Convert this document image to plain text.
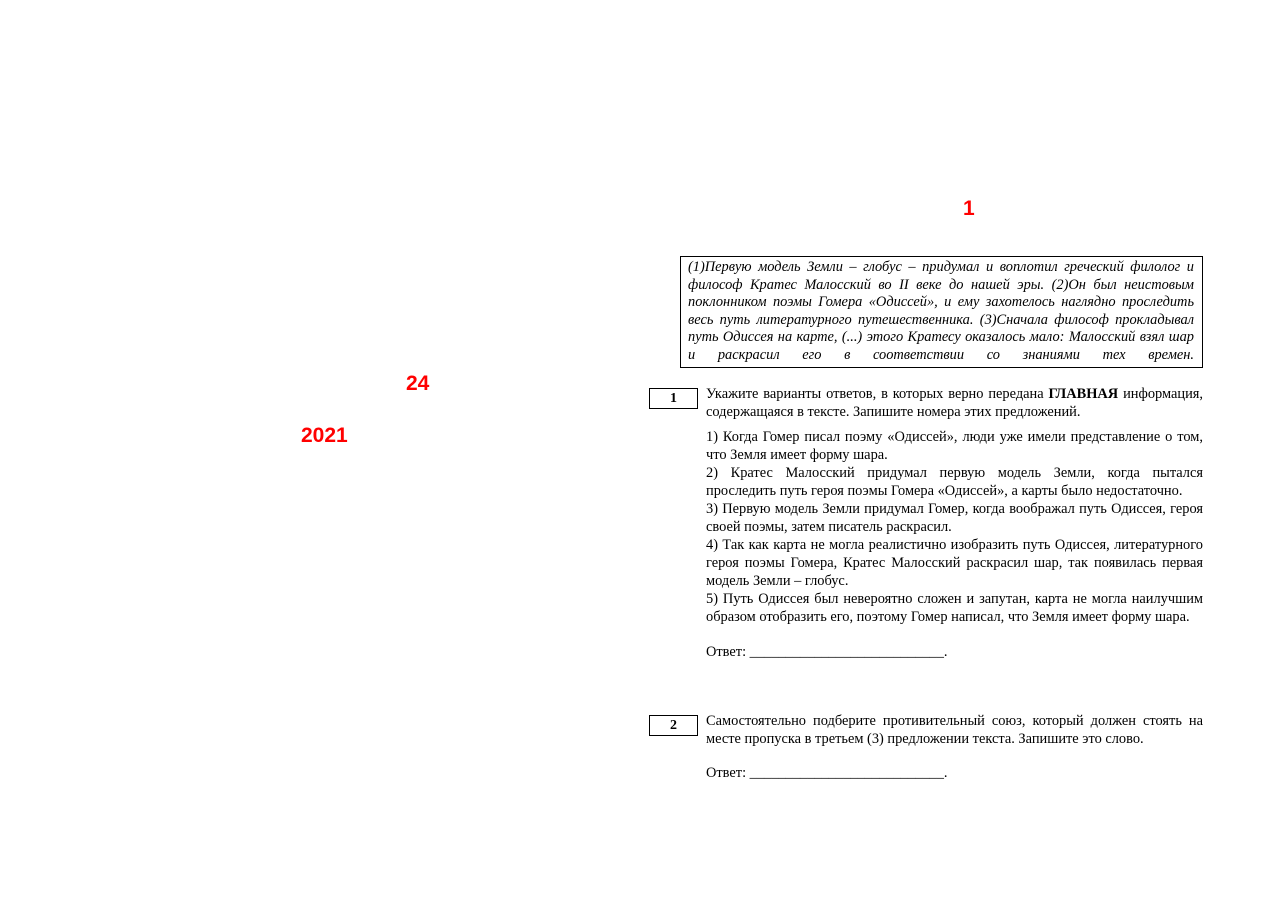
24
2021
1

(1)Первую модель Земли – глобус – придумал и воплотил греческий филолог и философ Кратес Малосский во II веке до нашей эры. (2)Он был неистовым поклонником поэмы Гомера «Одиссей», и ему захотелось наглядно проследить весь путь литературного путешественника. (3)Сначала философ прокладывал путь Одиссея на карте, (...) этого Кратесу оказалось мало: Малосский взял шар и раскрасил его в соответствии со знаниями тех времен.

1	Укажите варианты ответов, в которых верно передана ГЛАВНАЯ информация, содержащаяся в тексте. Запишите номера этих предложений.

1) Когда Гомер писал поэму «Одиссей», люди уже имели представление о том, что Земля имеет форму шара.

2) Кратес Малосский придумал первую модель Земли, когда пытался проследить путь героя поэмы Гомера «Одиссей», а карты было недостаточно.

3) Первую модель Земли придумал Гомер, когда воображал путь Одиссея, героя своей поэмы, затем писатель раскрасил.

4) Так как карта не могла реалистично изобразить путь Одиссея, литературного героя поэмы Гомера, Кратес Малосский раскрасил шар, так появилась первая модель Земли – глобус.

5) Путь Одиссея был невероятно сложен и запутан, карта не могла наилучшим образом отобразить его, поэтому Гомер написал, что Земля имеет форму шара.

Ответ: ___________________________.

2	Самостоятельно подберите противительный союз, который должен стоять на месте пропуска в третьем (3) предложении текста. Запишите это слово.

Ответ: ___________________________.
